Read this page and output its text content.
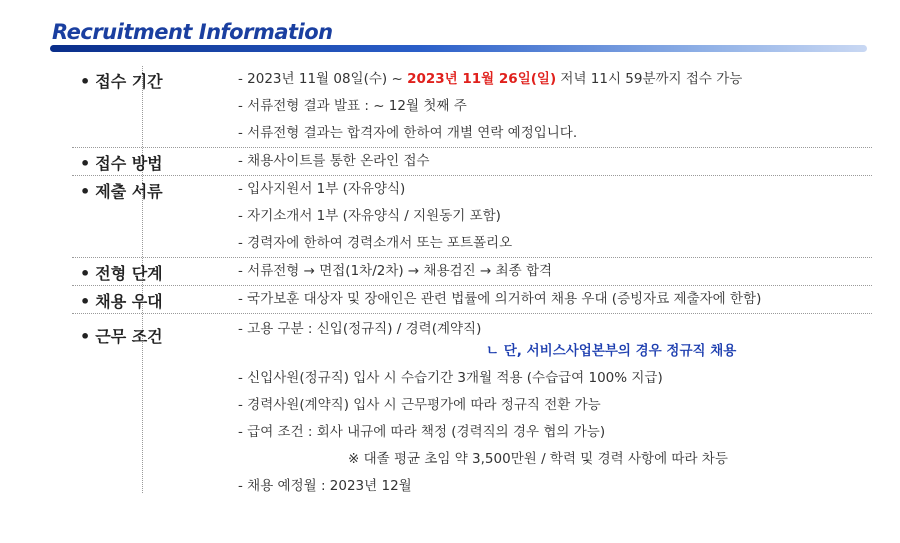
Recruitment Information
• 접수 기간	- 2023년 11월 08일(수) ~ 2023년 11월 26일(일) 저녁 11시 59분까지 접수 가능
- 서류전형 결과 발표 : ~ 12월 첫째 주
- 서류전형 결과는 합격자에 한하여 개별 연락 예정입니다.
• 접수 방법	- 채용사이트를 통한 온라인 접수
• 제출 서류	- 입사지원서 1부 (자유양식)
- 자기소개서 1부 (자유양식 / 지원동기 포함)
- 경력자에 한하여 경력소개서 또는 포트폴리오
• 전형 단계	- 서류전형 → 면접(1차/2차) → 채용검진 → 최종 합격
• 채용 우대	- 국가보훈 대상자 및 장애인은 관련 법률에 의거하여 채용 우대 (증빙자료 제출자에 한함)
• 근무 조건	- 고용 구분 : 신입(정규직) / 경력(계약직)
ㄴ 단, 서비스사업본부의 경우 정규직 채용
- 신입사원(정규직) 입사 시 수습기간 3개월 적용 (수습급여 100% 지급)
- 경력사원(계약직) 입사 시 근무평가에 따라 정규직 전환 가능
- 급여 조건 : 회사 내규에 따라 책정 (경력직의 경우 협의 가능)
※ 대졸 평균 초임 약 3,500만원 / 학력 및 경력 사항에 따라 차등
- 채용 예정월 : 2023년 12월
